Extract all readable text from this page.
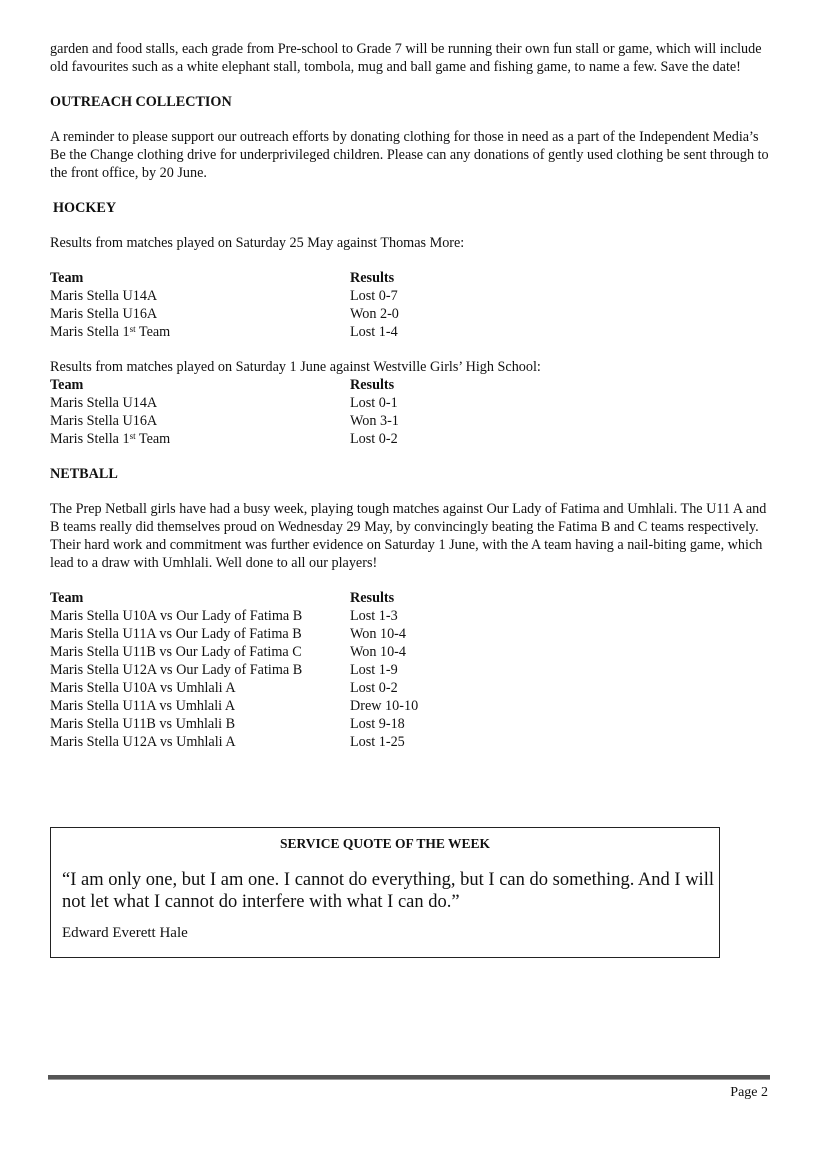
garden and food stalls, each grade from Pre-school to Grade 7 will be running their own fun stall or game, which will include old favourites such as a white elephant stall, tombola, mug and ball game and fishing game, to name a few. Save the date!

OUTREACH COLLECTION

A reminder to please support our outreach efforts by donating clothing for those in need as a part of the Independent Media’s Be the Change clothing drive for underprivileged children. Please can any donations of gently used clothing be sent through to the front office, by 20 June.

HOCKEY

Results from matches played on Saturday 25 May against Thomas More:

Team	Results
Maris Stella U14A	Lost 0-7
Maris Stella U16A	Won 2-0
Maris Stella 1st Team	Lost 1-4

Results from matches played on Saturday 1 June against Westville Girls’ High School:

Team	Results
Maris Stella U14A	Lost 0-1
Maris Stella U16A	Won 3-1
Maris Stella 1st Team	Lost 0-2

NETBALL

The Prep Netball girls have had a busy week, playing tough matches against Our Lady of Fatima and Umhlali. The U11 A and B teams really did themselves proud on Wednesday 29 May, by convincingly beating the Fatima B and C teams respectively. Their hard work and commitment was further evidence on Saturday 1 June, with the A team having a nail-biting game, which lead to a draw with Umhlali. Well done to all our players!

Team	Results
Maris Stella U10A vs Our Lady of Fatima B	Lost 1-3
Maris Stella U11A vs Our Lady of Fatima B	Won 10-4
Maris Stella U11B vs Our Lady of Fatima C	Won 10-4
Maris Stella U12A vs Our Lady of Fatima B	Lost 1-9
Maris Stella U10A vs Umhlali A	Lost 0-2
Maris Stella U11A vs Umhlali A	Drew 10-10
Maris Stella U11B vs Umhlali B	Lost 9-18
Maris Stella U12A vs Umhlali A	Lost 1-25
SERVICE QUOTE OF THE WEEK
“I am only one, but I am one. I cannot do everything, but I can do something. And I will not let what I cannot do interfere with what I can do.”
Edward Everett Hale
Page 2
